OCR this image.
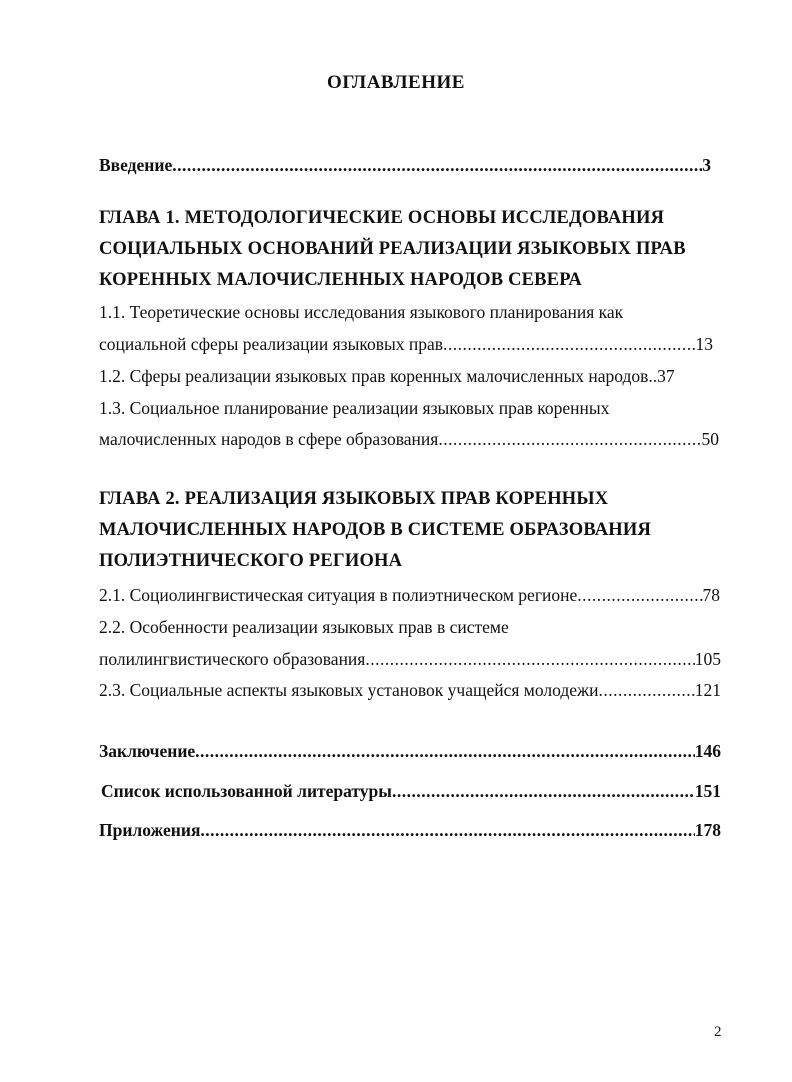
ОГЛАВЛЕНИЕ
Введение .....	3
ГЛАВА 1. МЕТОДОЛОГИЧЕСКИЕ ОСНОВЫ ИССЛЕДОВАНИЯ
СОЦИАЛЬНЫХ ОСНОВАНИЙ РЕАЛИЗАЦИИ ЯЗЫКОВЫХ ПРАВ
КОРЕННЫХ МАЛОЧИСЛЕННЫХ НАРОДОВ СЕВЕРА
1.1. Теоретические основы исследования языкового планирования как
социальной сферы реализации языковых прав .....	13
1.2. Сферы реализации языковых прав коренных малочисленных народов..37
1.3. Социальное планирование реализации языковых прав коренных
малочисленных народов в сфере образования .....	50
ГЛАВА 2. РЕАЛИЗАЦИЯ ЯЗЫКОВЫХ ПРАВ КОРЕННЫХ
МАЛОЧИСЛЕННЫХ НАРОДОВ В СИСТЕМЕ ОБРАЗОВАНИЯ
ПОЛИЭТНИЧЕСКОГО РЕГИОНА
2.1. Социолингвистическая ситуация в полиэтническом регионе .....	78
2.2. Особенности реализации языковых прав в системе
полилингвистического образования .....	105
2.3. Социальные аспекты языковых установок учащейся молодежи .....	121
Заключение .....	146
Список использованной литературы .....	151
Приложения .....	178
2
